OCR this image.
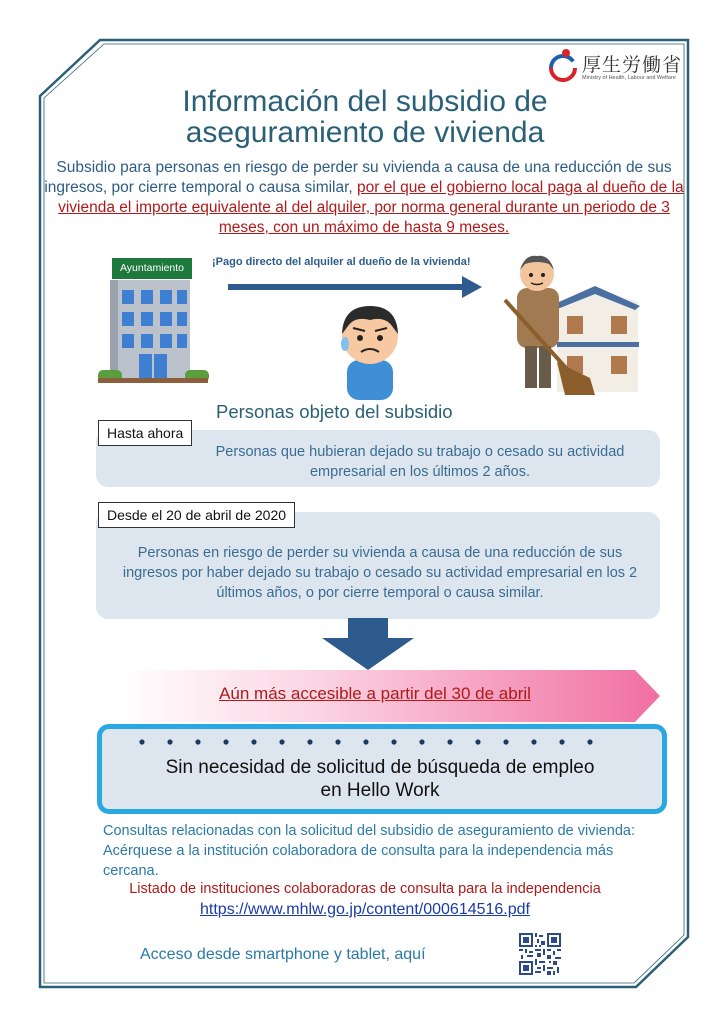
厚生労働省
Ministry of Health, Labour and Welfare
Información del subsidio de
aseguramiento de vivienda
Subsidio para personas en riesgo de perder su vivienda a causa de una reducción de sus ingresos, por cierre temporal o causa similar, por el que el gobierno local paga al dueño de la vivienda el importe equivalente al del alquiler, por norma general durante un periodo de 3 meses, con un máximo de hasta 9 meses.
Ayuntamiento	¡Pago directo del alquiler al dueño de la vivienda!
Personas objeto del subsidio
Hasta ahora
Personas que hubieran dejado su trabajo o cesado su actividad empresarial en los últimos 2 años.
Desde el 20 de abril de 2020
Personas en riesgo de perder su vivienda a causa de una reducción de sus ingresos por haber dejado su trabajo o cesado su actividad empresarial en los 2 últimos años, o por cierre temporal o causa similar.
Aún más accesible a partir del 30 de abril
Sin necesidad de solicitud de búsqueda de empleo
en Hello Work
Consultas relacionadas con la solicitud del subsidio de aseguramiento de vivienda: Acérquese a la institución colaboradora de consulta para la independencia más cercana.
Listado de instituciones colaboradoras de consulta para la independencia
https://www.mhlw.go.jp/content/000614516.pdf
Acceso desde smartphone y tablet, aquí
